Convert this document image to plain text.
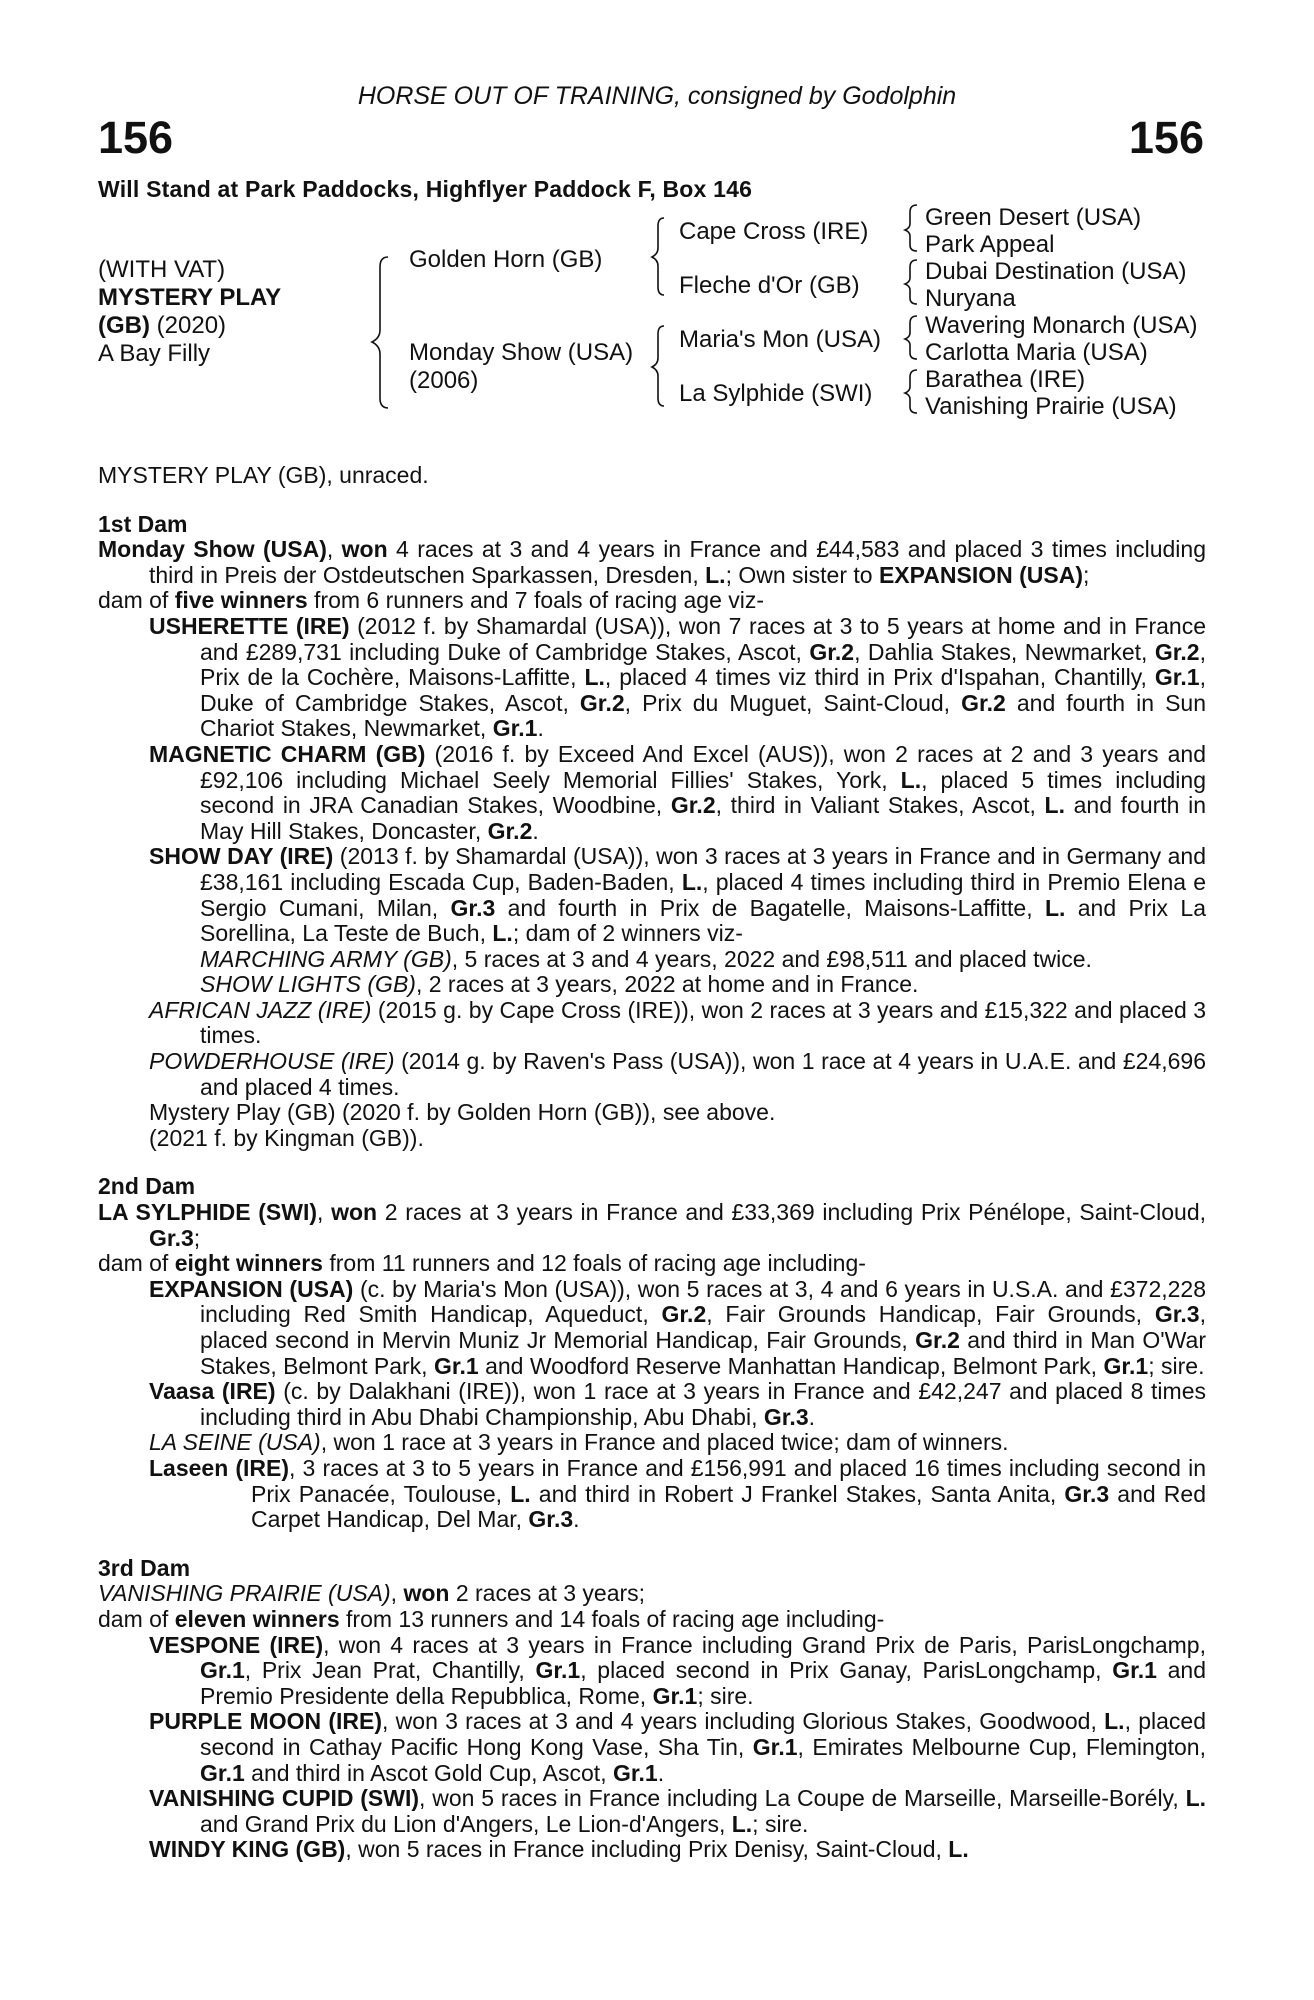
HORSE OUT OF TRAINING, consigned by Godolphin
156	156
Will Stand at Park Paddocks, Highflyer Paddock F, Box 146
(WITH VAT)
MYSTERY PLAY
(GB) (2020)
A Bay Filly
Golden Horn (GB)
Monday Show (USA)
(2006)
Cape Cross (IRE)
Fleche d'Or (GB)
Maria's Mon (USA)
La Sylphide (SWI)
Green Desert (USA)
Park Appeal
Dubai Destination (USA)
Nuryana
Wavering Monarch (USA)
Carlotta Maria (USA)
Barathea (IRE)
Vanishing Prairie (USA)

MYSTERY PLAY (GB), unraced.

1st Dam

Monday Show (USA), won 4 races at 3 and 4 years in France and £44,583 and placed 3 times including third in Preis der Ostdeutschen Sparkassen, Dresden, L.; Own sister to EXPANSION (USA);

dam of five winners from 6 runners and 7 foals of racing age viz-

USHERETTE (IRE) (2012 f. by Shamardal (USA)), won 7 races at 3 to 5 years at home and in France and £289,731 including Duke of Cambridge Stakes, Ascot, Gr.2, Dahlia Stakes, Newmarket, Gr.2, Prix de la Cochère, Maisons-Laffitte, L., placed 4 times viz third in Prix d'Ispahan, Chantilly, Gr.1, Duke of Cambridge Stakes, Ascot, Gr.2, Prix du Muguet, Saint-Cloud, Gr.2 and fourth in Sun Chariot Stakes, Newmarket, Gr.1.

MAGNETIC CHARM (GB) (2016 f. by Exceed And Excel (AUS)), won 2 races at 2 and 3 years and £92,106 including Michael Seely Memorial Fillies' Stakes, York, L., placed 5 times including second in JRA Canadian Stakes, Woodbine, Gr.2, third in Valiant Stakes, Ascot, L. and fourth in May Hill Stakes, Doncaster, Gr.2.

SHOW DAY (IRE) (2013 f. by Shamardal (USA)), won 3 races at 3 years in France and in Germany and £38,161 including Escada Cup, Baden-Baden, L., placed 4 times including third in Premio Elena e Sergio Cumani, Milan, Gr.3 and fourth in Prix de Bagatelle, Maisons-Laffitte, L. and Prix La Sorellina, La Teste de Buch, L.; dam of 2 winners viz-

MARCHING ARMY (GB), 5 races at 3 and 4 years, 2022 and £98,511 and placed twice.

SHOW LIGHTS (GB), 2 races at 3 years, 2022 at home and in France.

AFRICAN JAZZ (IRE) (2015 g. by Cape Cross (IRE)), won 2 races at 3 years and £15,322 and placed 3 times.

POWDERHOUSE (IRE) (2014 g. by Raven's Pass (USA)), won 1 race at 4 years in U.A.E. and £24,696 and placed 4 times.

Mystery Play (GB) (2020 f. by Golden Horn (GB)), see above.

(2021 f. by Kingman (GB)).

2nd Dam

LA SYLPHIDE (SWI), won 2 races at 3 years in France and £33,369 including Prix Pénélope, Saint-Cloud, Gr.3;

dam of eight winners from 11 runners and 12 foals of racing age including-

EXPANSION (USA) (c. by Maria's Mon (USA)), won 5 races at 3, 4 and 6 years in U.S.A. and £372,228 including Red Smith Handicap, Aqueduct, Gr.2, Fair Grounds Handicap, Fair Grounds, Gr.3, placed second in Mervin Muniz Jr Memorial Handicap, Fair Grounds, Gr.2 and third in Man O'War Stakes, Belmont Park, Gr.1 and Woodford Reserve Manhattan Handicap, Belmont Park, Gr.1; sire.

Vaasa (IRE) (c. by Dalakhani (IRE)), won 1 race at 3 years in France and £42,247 and placed 8 times including third in Abu Dhabi Championship, Abu Dhabi, Gr.3.

LA SEINE (USA), won 1 race at 3 years in France and placed twice; dam of winners.

Laseen (IRE), 3 races at 3 to 5 years in France and £156,991 and placed 16 times including second in Prix Panacée, Toulouse, L. and third in Robert J Frankel Stakes, Santa Anita, Gr.3 and Red Carpet Handicap, Del Mar, Gr.3.

3rd Dam

VANISHING PRAIRIE (USA), won 2 races at 3 years;

dam of eleven winners from 13 runners and 14 foals of racing age including-

VESPONE (IRE), won 4 races at 3 years in France including Grand Prix de Paris, ParisLongchamp, Gr.1, Prix Jean Prat, Chantilly, Gr.1, placed second in Prix Ganay, ParisLongchamp, Gr.1 and Premio Presidente della Repubblica, Rome, Gr.1; sire.

PURPLE MOON (IRE), won 3 races at 3 and 4 years including Glorious Stakes, Goodwood, L., placed second in Cathay Pacific Hong Kong Vase, Sha Tin, Gr.1, Emirates Melbourne Cup, Flemington, Gr.1 and third in Ascot Gold Cup, Ascot, Gr.1.

VANISHING CUPID (SWI), won 5 races in France including La Coupe de Marseille, Marseille-Borély, L. and Grand Prix du Lion d'Angers, Le Lion-d'Angers, L.; sire.

WINDY KING (GB), won 5 races in France including Prix Denisy, Saint-Cloud, L.
